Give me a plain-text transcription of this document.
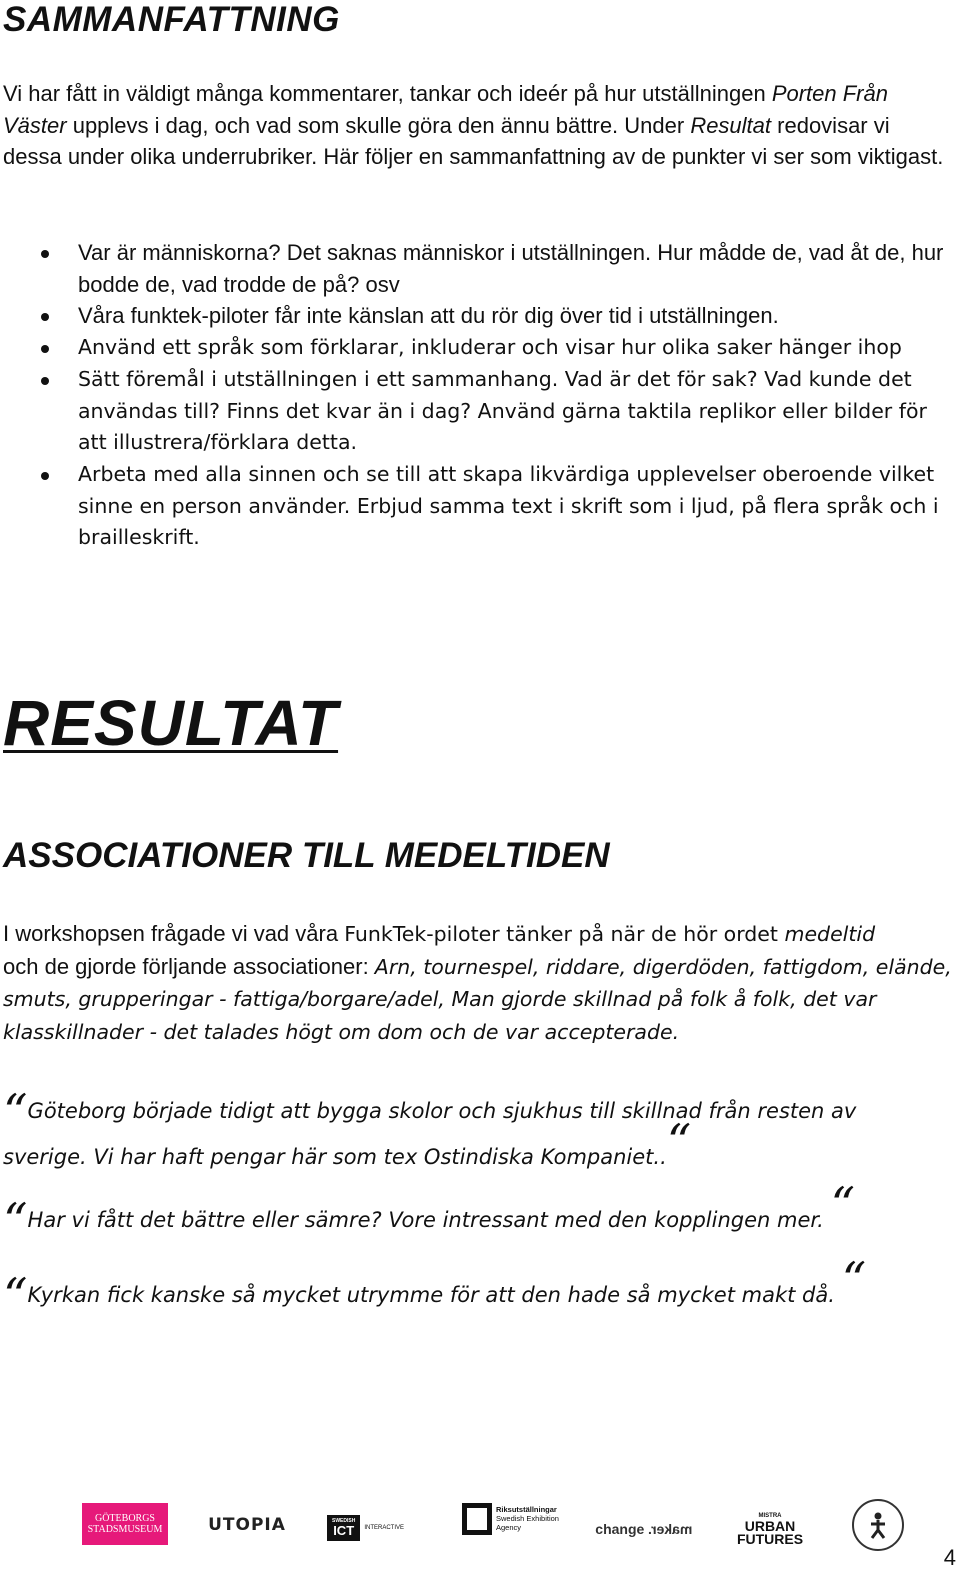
SAMMANFATTNING
Vi har fått in väldigt många kommentarer, tankar och ideér på hur utställningen Porten Från Väster upplevs i dag, och vad som skulle göra den ännu bättre. Under Resultat redovisar vi dessa under olika underrubriker. Här följer en sammanfattning av de punkter vi ser som viktigast.
Var är människorna? Det saknas människor i utställningen. Hur mådde de, vad åt de, hur bodde de, vad trodde de på? osv
Våra funktek-piloter får inte känslan att du rör dig över tid i utställningen.
Använd ett språk som förklarar, inkluderar och visar hur olika saker hänger ihop
Sätt föremål i utställningen i ett sammanhang. Vad är det för sak? Vad kunde det användas till? Finns det kvar än i dag? Använd gärna taktila replikor eller bilder för att illustrera/förklara detta.
Arbeta med alla sinnen och se till att skapa likvärdiga upplevelser oberoende vilket sinne en person använder. Erbjud samma text i skrift som i ljud, på flera språk och i brailleskrift.
RESULTAT
ASSOCIATIONER TILL MEDELTIDEN
I workshopsen frågade vi vad våra FunkTek-piloter tänker på när de hör ordet medeltid
och de gjorde förljande associationer: Arn, tournespel, riddare, digerdöden, fattigdom, elände, smuts, grupperingar - fattiga/borgare/adel, Man gjorde skillnad på folk å folk, det var klasskillnader - det talades högt om dom och de var accepterade.
“Göteborg började tidigt att bygga skolor och sjukhus till skillnad från resten av
sverige. Vi har haft pengar här som tex Ostindiska Kompaniet..“
“Har vi fått det bättre eller sämre? Vore intressant med den kopplingen mer. “
“Kyrkan fick kanske så mycket utrymme för att den hade så mycket makt då. “
GÖTEBORGS
STADSMUSEUM	UTOPIA	SWEDISH
ICT INTERACTIVE
Riksutställningar
Swedish Exhibition
Agency	change maker.
MISTRA
URBAN
FUTURES
4
